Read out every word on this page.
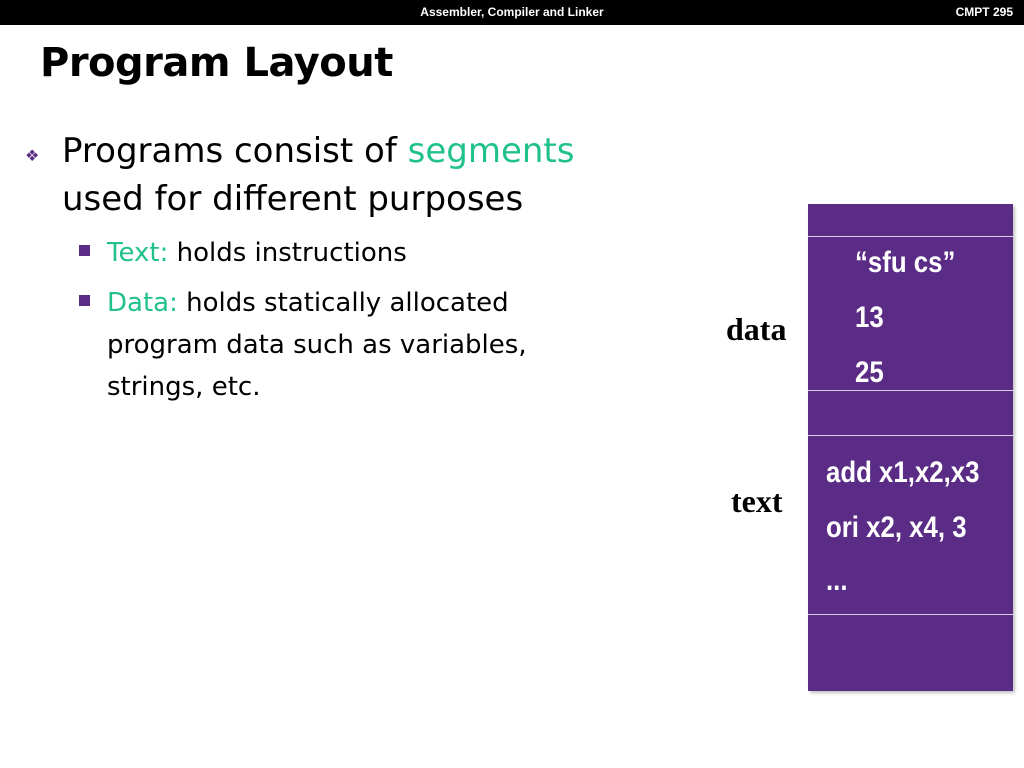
Assembler, Compiler and Linker	CMPT 295
Program Layout
❖ Programs consist of segments used for different purposes
Text: holds instructions
Data: holds statically allocated program data such as variables, strings, etc.
data
text
“sfu cs”
13
25
add x1,x2,x3
ori x2, x4, 3
...
